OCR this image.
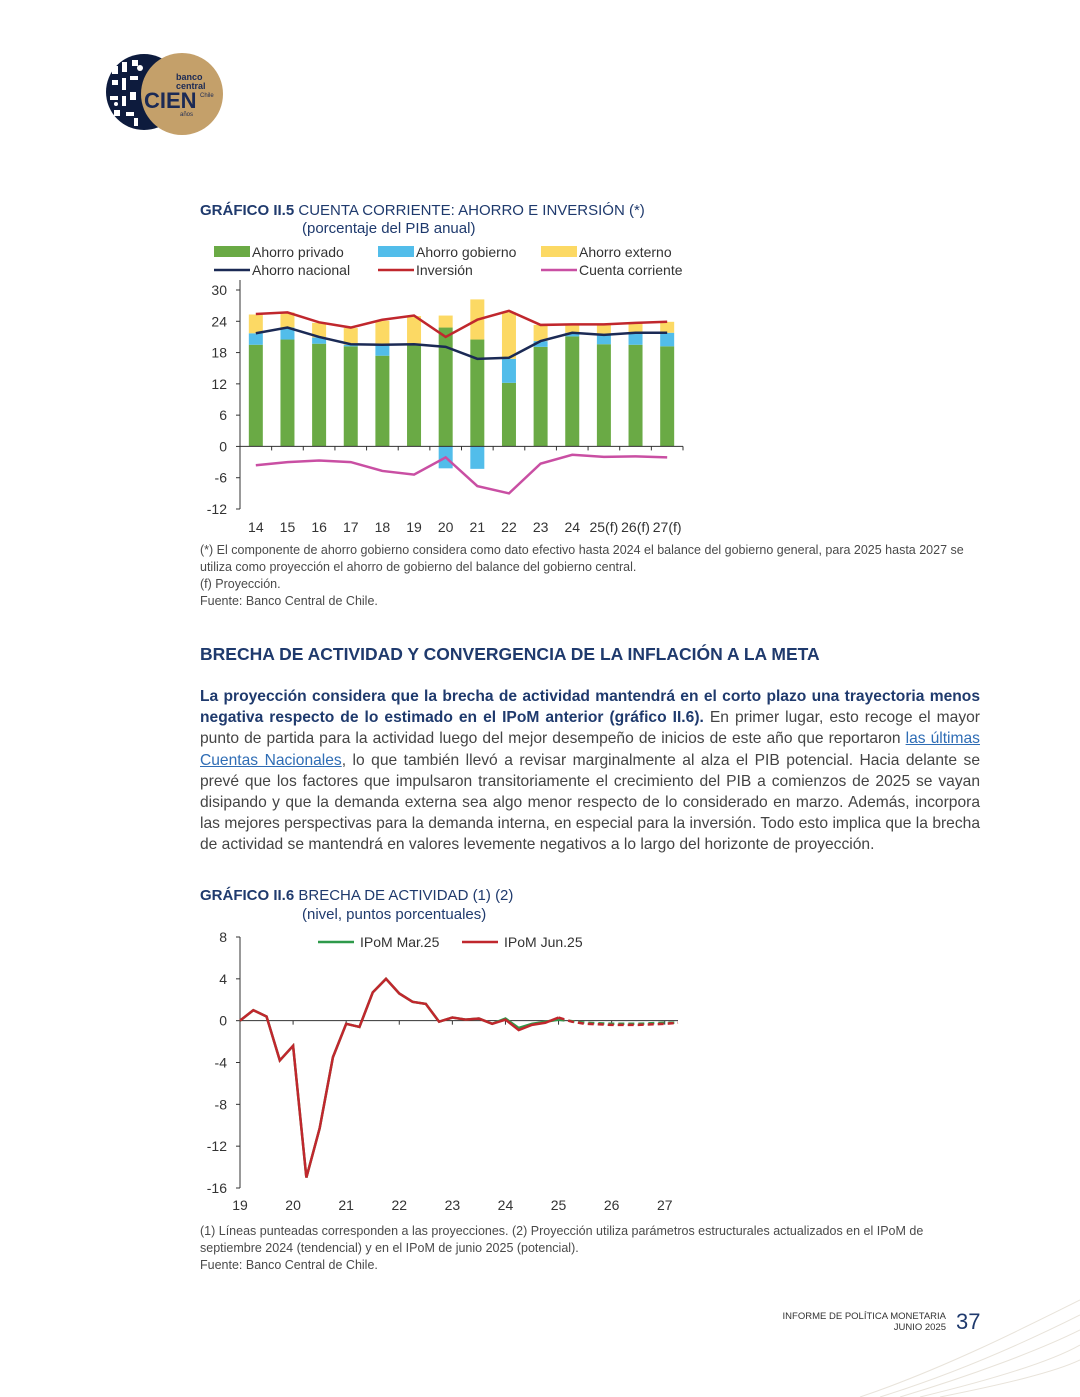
banco
central
Chile
CIEN
años
GRÁFICO II.5 CUENTA CORRIENTE: AHORRO E INVERSIÓN (*)
(porcentaje del PIB anual)
Ahorro privado	Ahorro gobierno	Ahorro externo
Ahorro nacional	Inversión	Cuenta corriente
30
24
18
12
6
0
-6
-12
14 15 16 17 18 19 20 21 22 23 24 25(f) 26(f) 27(f)
(*) El componente de ahorro gobierno considera como dato efectivo hasta 2024 el balance del gobierno general, para 2025 hasta 2027 se utiliza como proyección el ahorro de gobierno del balance del gobierno central.
(f) Proyección.
Fuente: Banco Central de Chile.
BRECHA DE ACTIVIDAD Y CONVERGENCIA DE LA INFLACIÓN A LA META
La proyección considera que la brecha de actividad mantendrá en el corto plazo una trayectoria menos negativa respecto de lo estimado en el IPoM anterior (gráfico II.6). En primer lugar, esto recoge el mayor punto de partida para la actividad luego del mejor desempeño de inicios de este año que reportaron las últimas Cuentas Nacionales, lo que también llevó a revisar marginalmente al alza el PIB potencial. Hacia delante se prevé que los factores que impulsaron transitoriamente el crecimiento del PIB a comienzos de 2025 se vayan disipando y que la demanda externa sea algo menor respecto de lo considerado en marzo. Además, incorpora las mejores perspectivas para la demanda interna, en especial para la inversión. Todo esto implica que la brecha de actividad se mantendrá en valores levemente negativos a lo largo del horizonte de proyección.
GRÁFICO II.6 BRECHA DE ACTIVIDAD (1) (2)
(nivel, puntos porcentuales)
8
4
0
-4
-8
-12
-16
19	20	21	22	23	24	25	26	27
IPoM Mar.25	IPoM Jun.25
(1) Líneas punteadas corresponden a las proyecciones. (2) Proyección utiliza parámetros estructurales actualizados en el IPoM de septiembre 2024 (tendencial) y en el IPoM de junio 2025 (potencial).
Fuente: Banco Central de Chile.
INFORME DE POLÍTICA MONETARIA
JUNIO 2025 37
